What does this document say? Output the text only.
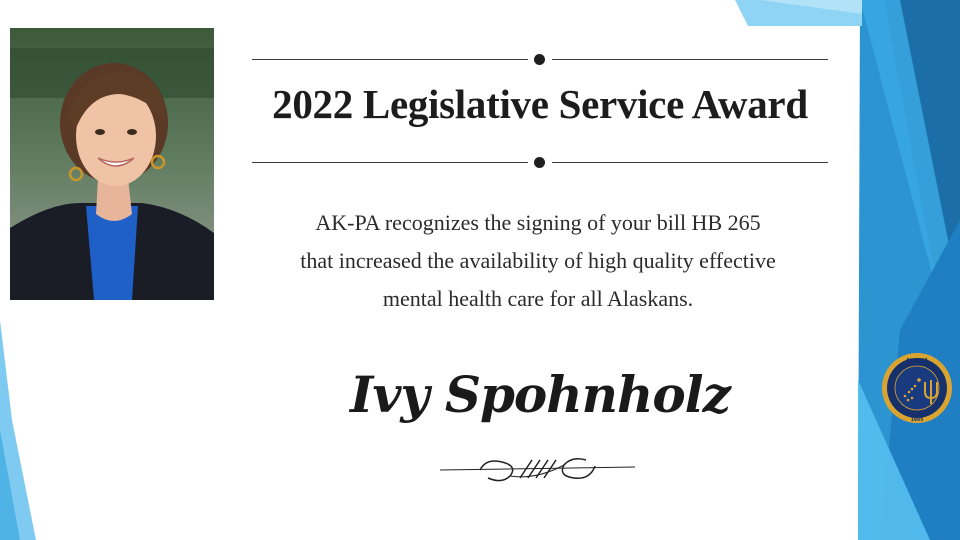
2022 Legislative Service Award
AK-PA recognizes the signing of your bill HB 265
that increased the availability of high quality effective
mental health care for all Alaskans.
Ivy Spohnholz
ALASKA
1985
